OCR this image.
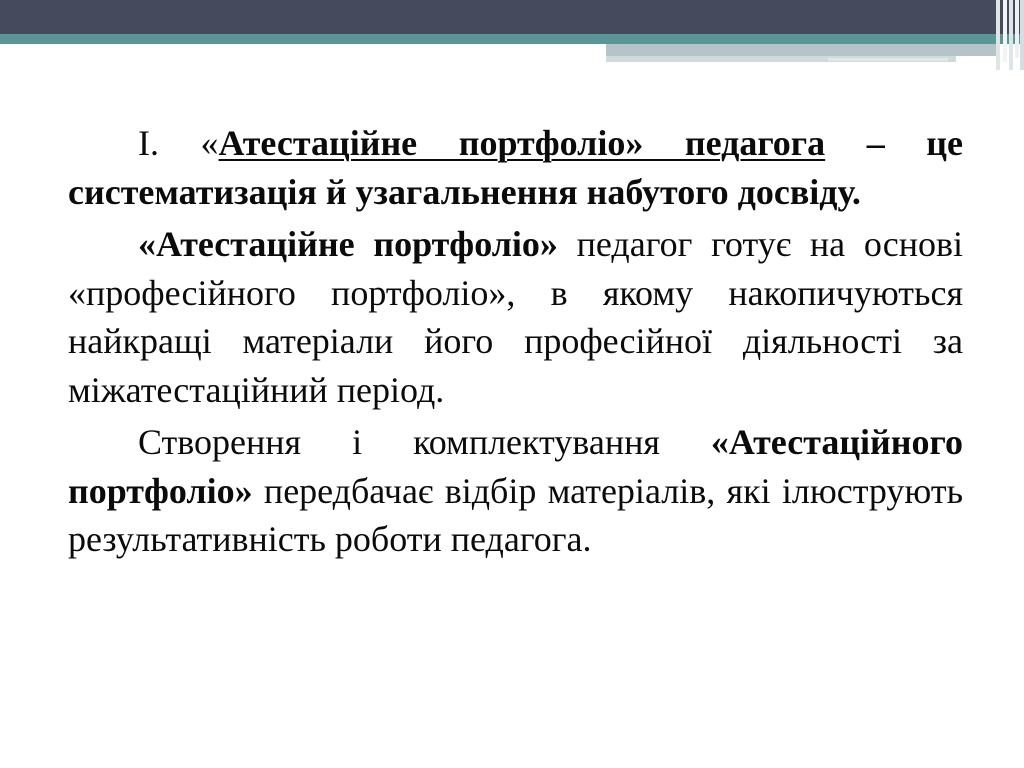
I. «Атестаційне портфоліо» педагога – це систематизація й узагальнення набутого досвіду.

«Атестаційне портфоліо» педагог готує на основі «професійного портфоліо», в якому накопичуються найкращі матеріали його професійної діяльності за міжатестаційний період.

Створення і комплектування «Атестаційного портфоліо» передбачає відбір матеріалів, які ілюструють результативність роботи педагога.
